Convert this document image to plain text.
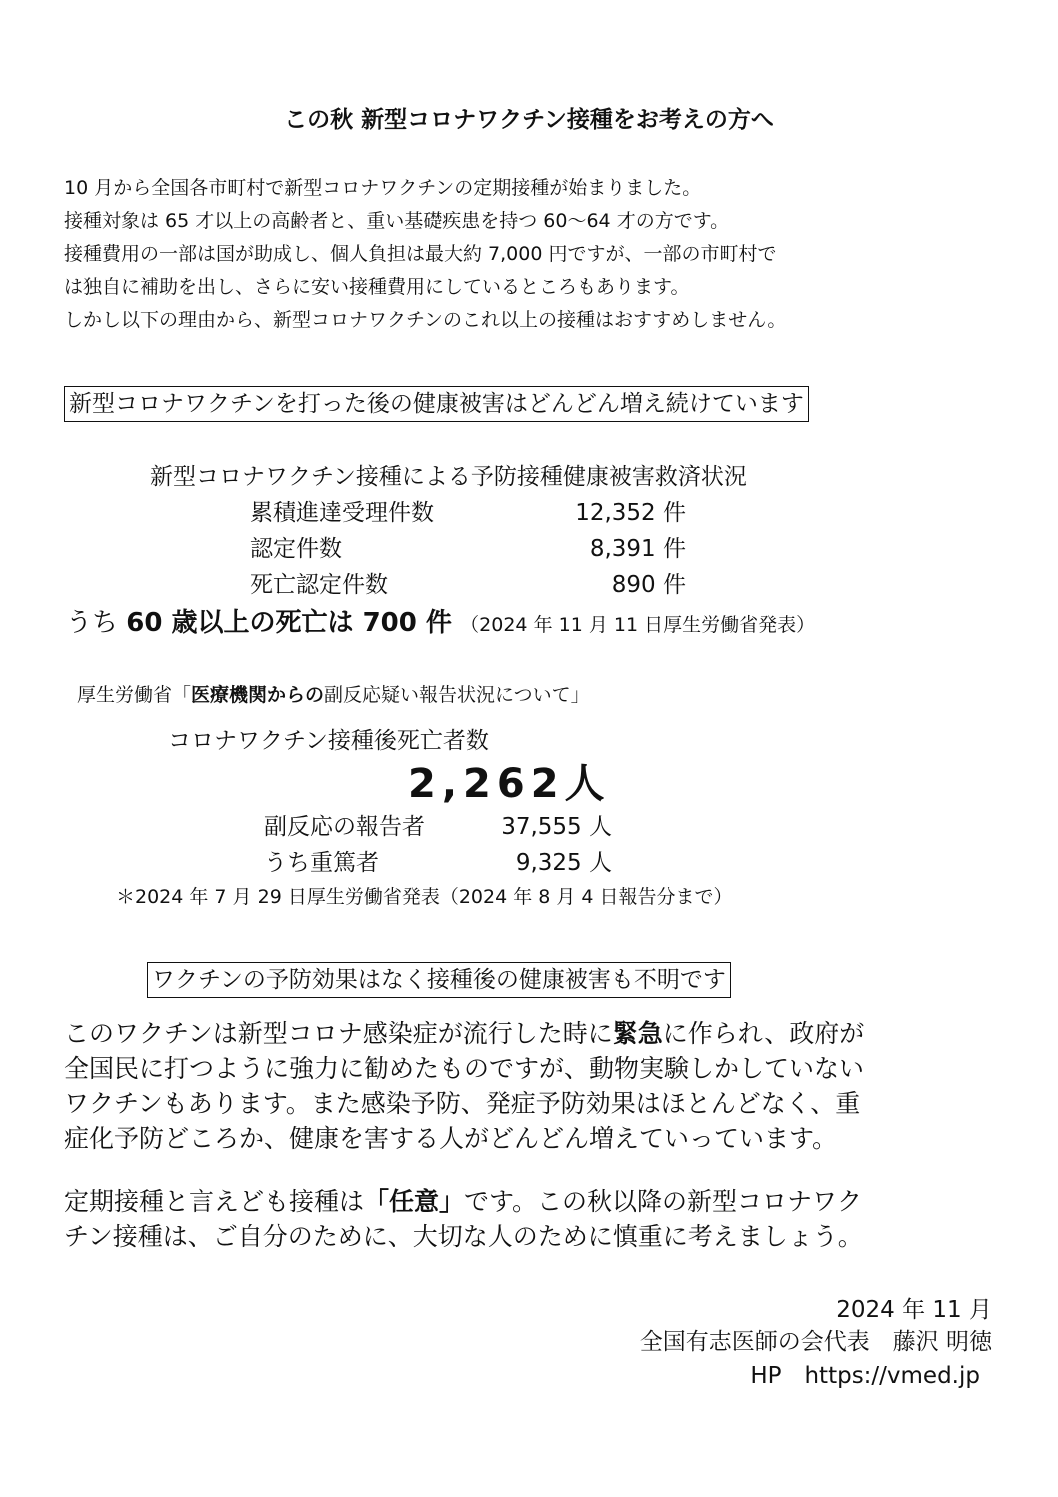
この秋 新型コロナワクチン接種をお考えの方へ
10 月から全国各市町村で新型コロナワクチンの定期接種が始まりました。
接種対象は 65 才以上の高齢者と、重い基礎疾患を持つ 60～64 才の方です。
接種費用の一部は国が助成し、個人負担は最大約 7,000 円ですが、一部の市町村で
は独自に補助を出し、さらに安い接種費用にしているところもあります。
しかし以下の理由から、新型コロナワクチンのこれ以上の接種はおすすめしません。
新型コロナワクチンを打った後の健康被害はどんどん増え続けています
新型コロナワクチン接種による予防接種健康被害救済状況
累積進達受理件数	12,352 件
認定件数	8,391 件
死亡認定件数	890 件
うち 60 歳以上の死亡は 700 件 （2024 年 11 月 11 日厚生労働省発表）
厚生労働省「医療機関からの副反応疑い報告状況について」
コロナワクチン接種後死亡者数
2,262人
副反応の報告者	37,555 人
うち重篤者	9,325 人
＊2024 年 7 月 29 日厚生労働省発表（2024 年 8 月 4 日報告分まで）
ワクチンの予防効果はなく接種後の健康被害も不明です
このワクチンは新型コロナ感染症が流行した時に緊急に作られ、政府が
全国民に打つように強力に勧めたものですが、動物実験しかしていない
ワクチンもあります。また感染予防、発症予防効果はほとんどなく、重
症化予防どころか、健康を害する人がどんどん増えていっています。
定期接種と言えども接種は「任意」です。この秋以降の新型コロナワク
チン接種は、ご自分のために、大切な人のために慎重に考えましょう。
2024 年 11 月
全国有志医師の会代表　藤沢 明徳
HP　https://vmed.jp
